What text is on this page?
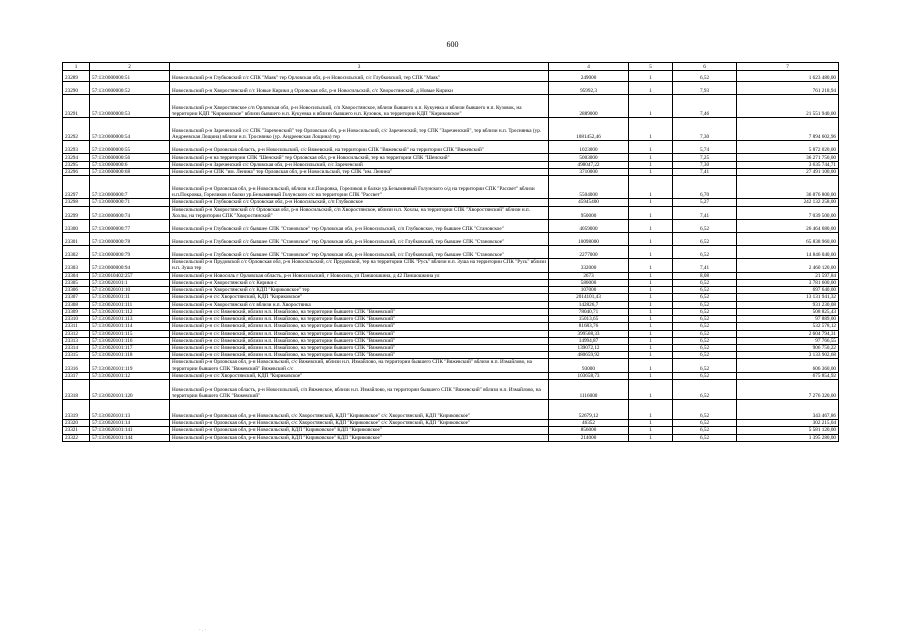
600
1	2	3	4	5	6	7
23289	57:13:0000000:51	Новосильский р-н Глубковский с/с СПК "Маяк" тер Орловская обл, р-н Новосильский, с/с Глубковский, тер СПК "Маяк"	249000	1	6,52	1 623 480,00
23290	57:13:0000000:52	Новосильский р-н Хворостянский с/с Новые Кирики д Орловская обл, р-н Новосильский, с/с Хворостянский, д Новые Кирики	95992,3	1	7,93	761 218,94
23291	57:13:0000000:53	Новосильский р-н Хворостянское с/п Орловская обл, р-н Новосильский, с/п Хворостянское, вблизи бывшего н.п. Кукуевка и вблизи бывшего н.п. Кузовок, на территории КДП "Кириковское" вблизи бывшего н.п. Кукуевка и вблизи бывшего н.п. Кузовок, на территории КДП "Кириковское"	2889000	1	7,46	21 551 940,00
23292	57:13:0000000:54	Новосильский р-н Зареченский с/с СПК "Зареченский" тер Орловская обл, р-н Новосильский, с/с Зареченский, тер СПК "Зареченский", тер вблизи н.п. Троснянка (ур. Андреевская Лощина) вблизи н.п. Троснянко (ур. Андреевская Лощина) тер	1081452,46	1	7,30	7 894 602,96
23293	57:13:0000000:55	Новосильский р-н Орловская область, р-н Новосильский, с/с Вяжевский, на территории СПК "Вяжевский" на территории СПК "Вяжевский"	1023000	1	5,74	5 872 020,00
23294	57:13:0000000:56	Новосильский р-н на территории СПК "Шенский" тер Орловская обл, р-н Новосильский, тер на территории СПК "Шенский"	5003000	1	7,25	36 271 750,00
23295	57:13:0000000:6	Новосильский р-н Зареченский с/с Орловская обл, р-н Новосильский, с/с Зареченский	498047,22	1	7,30	3 635 744,71
23296	57:13:0000000:68	Новосильский р-н СПК "им. Ленина" тер Орловская обл, р-н Новосильский, тер СПК "им. Ленина"	3710000	1	7,41	27 491 100,00
23297	57:13:0000000:7	Новосильский р-н Орловская обл, р-н Новосильский, вблизи н.п.Покровка, Гореликов и балки ур.Безымянный Голунского о/д на территории СПК "Рассвет" вблизи н.п.Покровка, Гореликов и балки ур.Безымянный Голунского с/с на территории СПК "Рассвет"	5504000	1	6,70	36 876 800,00
23298	57:13:0000000:71	Новосильский р-н Глубковский с/с Орловская обл, р-н Новосильский, с/п Глубковское	45945400	1	5,27	242 132 258,00
23299	57:13:0000000:74	Новосильский р-н Хворостянский с/с Орловская обл, р-н Новосильский, с/п Хворостянское, вблизи н.п. Хохлы, на территории СПК "Хворостянский" вблизи н.п. Хохлы, на территории СПК "Хворостянский"	950000	1	7,41	7 039 500,00
23300	57:13:0000000:77	Новосильский р-н Глубковский с/с бывшее СПК "Становское" тер Орловская обл, р-н Новосильский, с/п Глубковское, тер бывшее СПК "Становское"	4059000	1	6,52	26 464 680,00
23301	57:13:0000000:78	Новосильский р-н Глубковский с/с бывшее СПК "Становское" тер Орловская обл, р-н Новосильский, с/с Глубковский, тер бывшее СПК "Становское"	10098000	1	6,52	65 838 960,00
23302	57:13:0000000:79	Новосильский р-н Глубковский с/с бывшее СПК "Становское" тер Орловская обл, р-н Новосильский, с/с Глубковский, тер бывшее СПК "Становское"	2277000	1	6,52	14 846 040,00
23303	57:13:0000000:94	Новосильский р-н Прудовской с/с Орловская обл, р-н Новосильский, с/с Прудовской, тер на территории СПК "Русь" вблизи н.п. Зуша на территории СПК "Русь" вблизи н.п. Зуша тер	332000	1	7,41	2 460 120,00
23304	57:13:0010402:257	Новосильский р-н Новосиль г Орловская область, р-н Новосильский, г Новосиль, ул Паншошкина, д 42 Паншошкина ул	2673	1	8,08	21 597,84
23305	57:13:0020101:1	Новосильский р-н Хворостянский с/с Кирики с	580000	1	6,52	3 781 600,00
23306	57:13:0020101:10	Новосильский р-н Хворостянский с/с КДП "Кириковское" тер	107000	1	6,52	697 640,00
23307	57:13:0020101:11	Новосильский р-н с/с Хворостянский, КДП "Кириковское"	2014101,43	1	6,52	13 131 941,32
23308	57:13:0020101:111	Новосильский р-н Хворостянский с/с вблизи н.п. Хворостянка	142826,7	1	6,52	931 230,08
23309	57:13:0020101:112	Новосильский р-н с/с Вяжевский, вблизи н.п. Измайлово, на территории бывшего СПК "Вяжевский"	78040,71	1	6,52	508 825,43
23310	57:13:0020101:113	Новосильский р-н с/с Вяжевский, вблизи н.п. Измайлово, на территории бывшего СПК "Вяжевский"	15013,65	1	6,52	97 889,00
23311	57:13:0020101:114	Новосильский р-н с/с Вяжевский, вблизи н.п. Измайлово, на территории бывшего СПК "Вяжевский"	81683,76	1	6,52	532 578,12
23312	57:13:0020101:115	Новосильский р-н с/с Вяжевский, вблизи н.п. Измайлово, на территории бывшего СПК "Вяжевский"	399508,33	1	6,52	2 604 794,31
23313	57:13:0020101:116	Новосильский р-н с/с Вяжевский, вблизи н.п. Измайлово, на территории бывшего СПК "Вяжевский"	14994,87	1	6,52	97 766,55
23314	57:13:0020101:117	Новосильский р-н с/с Вяжевский, вблизи н.п. Измайлово, на территории бывшего СПК "Вяжевский"	139072,12	1	6,52	906 750,22
23315	57:13:0020101:118	Новосильский р-н с/с Вяжевский, вблизи н.п. Измайлово, на территории бывшего СПК "Вяжевский"	480659,92	1	6,52	3 133 902,68
23316	57:13:0020101:119	Новосильский р-н Орловская обл, р-н Новосильский, с/с Вяжевский, вблизи н.п. Измайлово, на территории бывшего СПК "Вяжевский" вблизи н.п. Измайлово, на территории бывшего СПК "Вяжевский" Вяжевский с/с	93000	1	6,52	606 360,00
23317	57:13:0020101:12	Новосильский р-н с/с Хворостянский, КДП "Кириковское"	103658,73	1	6,52	675 854,92
23318	57:13:0020101:120	Новосильский р-н Орловская область, р-н Новосильский, с/п Вяжевское, вблизи н.п. Измайлово, на территории бывшего СПК "Вяжевский" вблизи н.п. Измайлово, на территории бывшего СПК "Вяжевский"	1116000	1	6,52	7 276 320,00
23319	57:13:0020101:13	Новосильский р-н Орловская обл, р-н Новосильский, с/с Хворостянский, КДП "Кириковское" с/с Хворостянский, КДП "Кириковское"	52679,12	1	6,52	343 467,86
23320	57:13:0020101:14	Новосильский р-н Орловская обл, р-н Новосильский, с/с Хворостянский, КДП "Кириковское" с/с Хворостянский, КДП "Кириковское"	46352	1	6,52	302 215,04
23321	57:13:0020101:141	Новосильский р-н Орловская обл, р-н Новосильский, КДП "Кириковское" КДП "Кириковское"	856000	1	6,52	5 581 120,00
23322	57:13:0020101:144	Новосильский р-н Орловская обл, р-н Новосильский, КДП "Кириковское" КДП "Кириковское"	214000	1	6,52	1 395 280,00
· . ·
